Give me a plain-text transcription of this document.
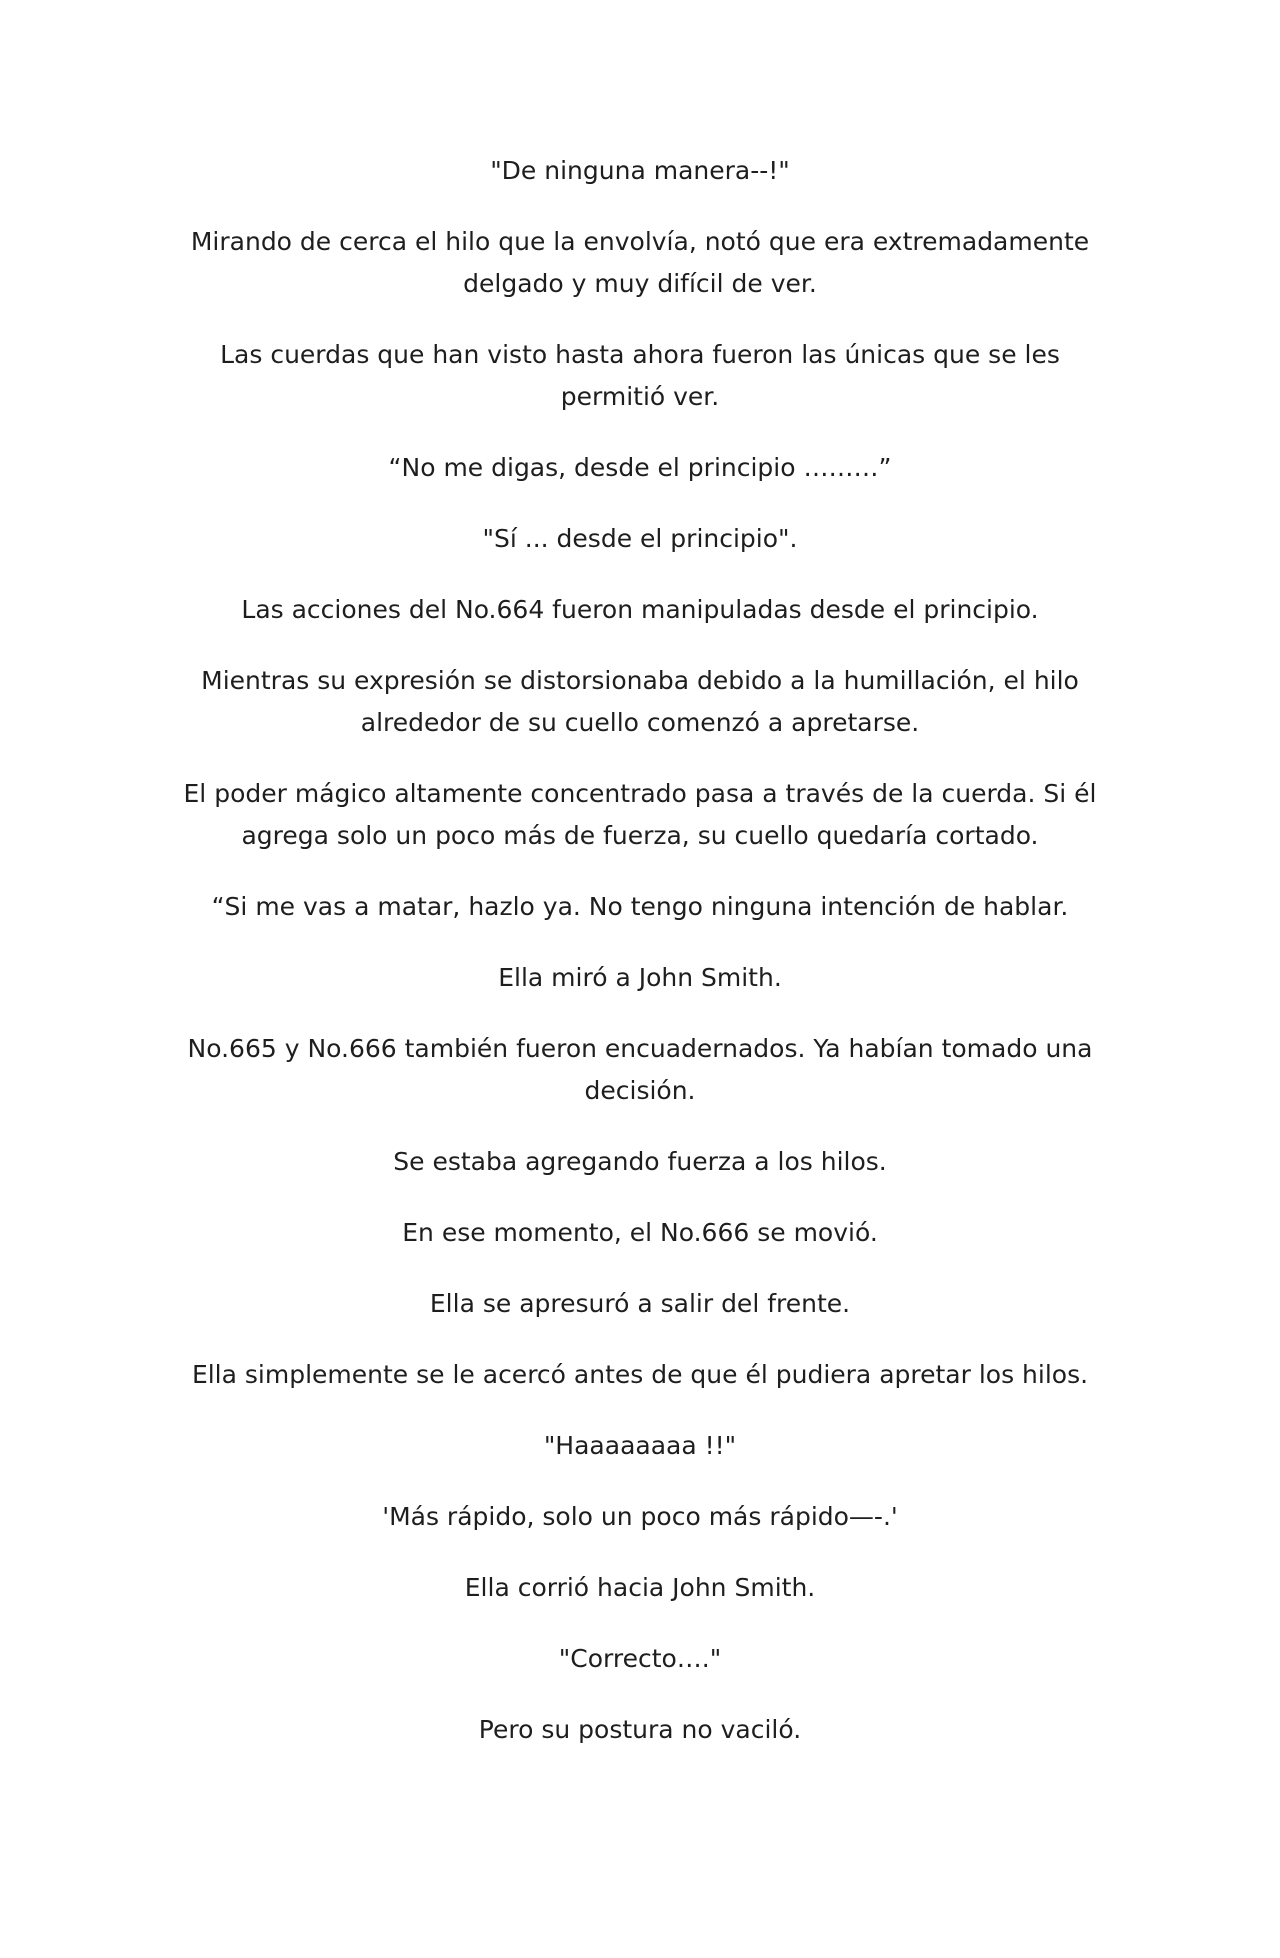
"De ninguna manera--!"

Mirando de cerca el hilo que la envolvía, notó que era extremadamente delgado y muy difícil de ver.

Las cuerdas que han visto hasta ahora fueron las únicas que se les permitió ver.

“No me digas, desde el principio ………”

"Sí ... desde el principio".

Las acciones del No.664 fueron manipuladas desde el principio.

Mientras su expresión se distorsionaba debido a la humillación, el hilo alrededor de su cuello comenzó a apretarse.

El poder mágico altamente concentrado pasa a través de la cuerda. Si él agrega solo un poco más de fuerza, su cuello quedaría cortado.

“Si me vas a matar, hazlo ya. No tengo ninguna intención de hablar.

Ella miró a John Smith.

No.665 y No.666 también fueron encuadernados. Ya habían tomado una decisión.

Se estaba agregando fuerza a los hilos.

En ese momento, el No.666 se movió.

Ella se apresuró a salir del frente.

Ella simplemente se le acercó antes de que él pudiera apretar los hilos.

"Haaaaaaaa !!"

'Más rápido, solo un poco más rápido—-.'

Ella corrió hacia John Smith.

"Correcto…."

Pero su postura no vaciló.
